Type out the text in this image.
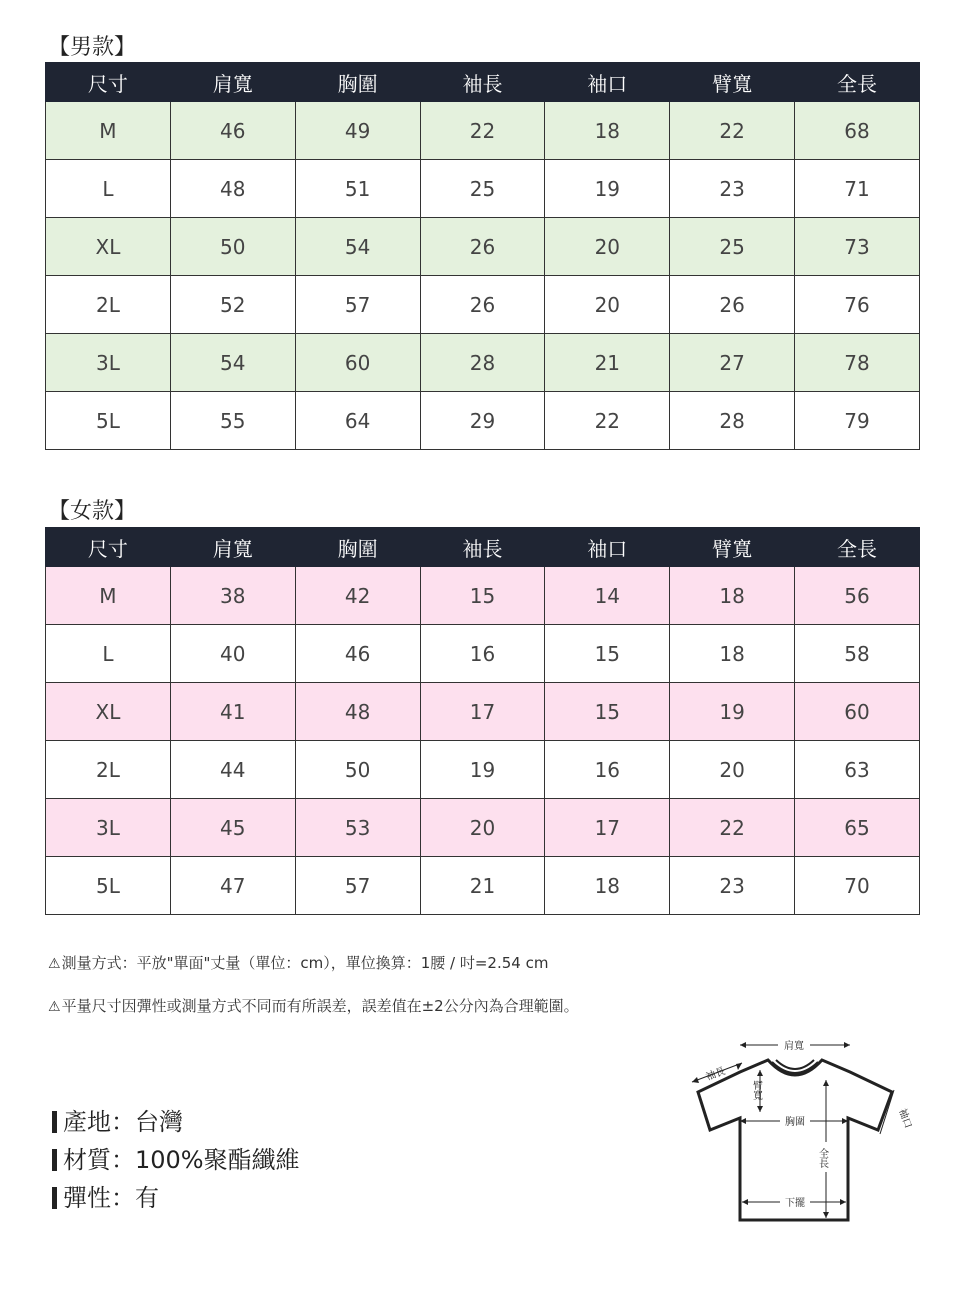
【男款】
尺寸	肩寬	胸圍	袖長	袖口	臂寬	全長
M	46	49	22	18	22	68
L	48	51	25	19	23	71
XL	50	54	26	20	25	73
2L	52	57	26	20	26	76
3L	54	60	28	21	27	78
5L	55	64	29	22	28	79
【女款】
尺寸	肩寬	胸圍	袖長	袖口	臂寬	全長
M	38	42	15	14	18	56
L	40	46	16	15	18	58
XL	41	48	17	15	19	60
2L	44	50	19	16	20	63
3L	45	53	20	17	22	65
5L	47	57	21	18	23	70
⚠測量方式：平放"單面"丈量（單位：cm），單位換算：1腰 / 吋=2.54 cm
⚠平量尺寸因彈性或測量方式不同而有所誤差，誤差值在±2公分內為合理範圍。
產地：台灣
材質：100%聚酯纖維
彈性：有
肩寬
袖長
臂寬
胸圍
全長
袖口
下擺
